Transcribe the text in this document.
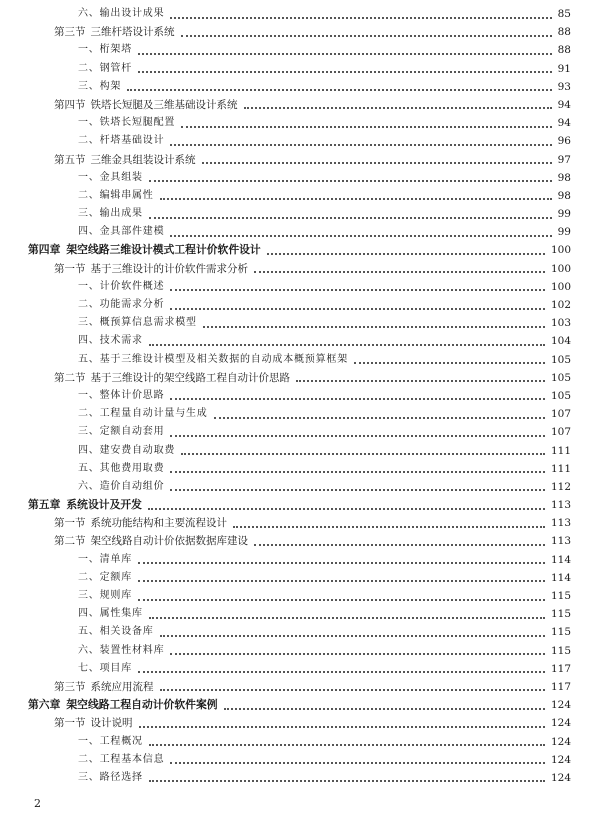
六、输出设计成果	85
第三节 三维杆塔设计系统	88
一、桁架塔	88
二、钢管杆	91
三、构架	93
第四节 铁塔长短腿及三维基础设计系统	94
一、铁塔长短腿配置	94
二、杆塔基础设计	96
第五节 三维金具组装设计系统	97
一、金具组装	98
二、编辑串属性	98
三、输出成果	99
四、金具部件建模	99
第四章 架空线路三维设计模式工程计价软件设计	100
第一节 基于三维设计的计价软件需求分析	100
一、计价软件概述	100
二、功能需求分析	102
三、概预算信息需求模型	103
四、技术需求	104
五、基于三维设计模型及相关数据的自动成本概预算框架	105
第二节 基于三维设计的架空线路工程自动计价思路	105
一、整体计价思路	105
二、工程量自动计量与生成	107
三、定额自动套用	107
四、建安费自动取费	111
五、其他费用取费	111
六、造价自动组价	112
第五章 系统设计及开发	113
第一节 系统功能结构和主要流程设计	113
第二节 架空线路自动计价依据数据库建设	113
一、清单库	114
二、定额库	114
三、规则库	115
四、属性集库	115
五、相关设备库	115
六、装置性材料库	115
七、项目库	117
第三节 系统应用流程	117
第六章 架空线路工程自动计价软件案例	124
第一节 设计说明	124
一、工程概况	124
二、工程基本信息	124
三、路径选择	124
2
